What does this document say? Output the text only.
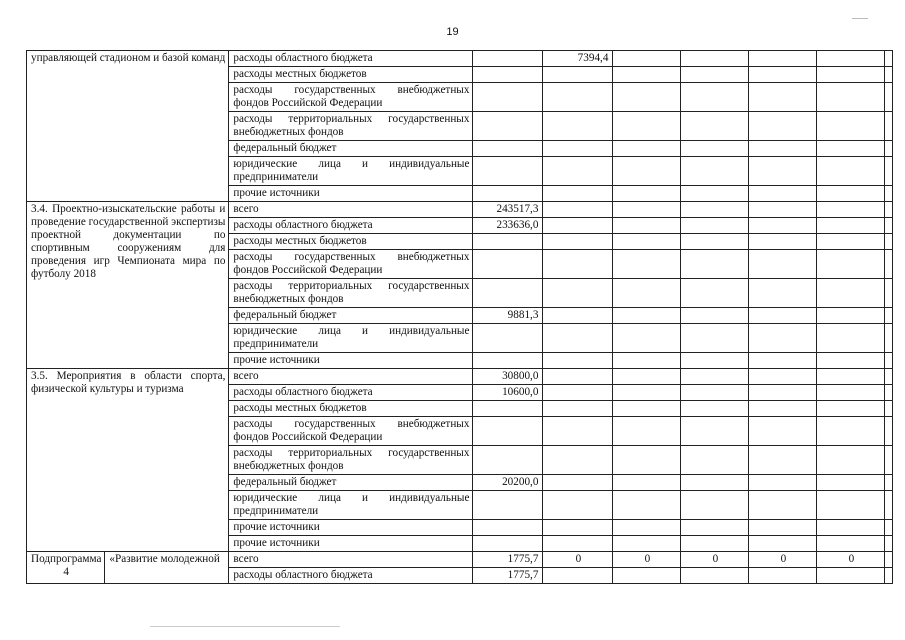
19
управляющей стадионом и базой команд		расходы областного бюджета		7394,4					
		расходы местных бюджетов							
		расходы государственных внебюджетных фондов Российской Федерации							
		расходы территориальных государственных внебюджетных фондов							
		федеральный бюджет							
		юридические лица и индивидуальные предприниматели							
		прочие источники							
3.4. Проектно-изыскательские работы и проведение государственной экспертизы проектной документации по спортивным сооружениям для проведения игр Чемпионата мира по футболу 2018		всего	243517,3						
		расходы областного бюджета	233636,0						
		расходы местных бюджетов							
		расходы государственных внебюджетных фондов Российской Федерации							
		расходы территориальных государственных внебюджетных фондов							
		федеральный бюджет	9881,3						
		юридические лица и индивидуальные предприниматели							
		прочие источники							
3.5. Мероприятия в области спорта, физической культуры и туризма		всего	30800,0						
		расходы областного бюджета	10600,0						
		расходы местных бюджетов							
		расходы государственных внебюджетных фондов Российской Федерации							
		расходы территориальных государственных внебюджетных фондов							
		федеральный бюджет	20200,0						
		юридические лица и индивидуальные предприниматели							
		прочие источники							
		прочие источники							
Подпрограмма 4	«Развитие молодежной	всего	1775,7	0	0	0	0	0	
		расходы областного бюджета	1775,7						
